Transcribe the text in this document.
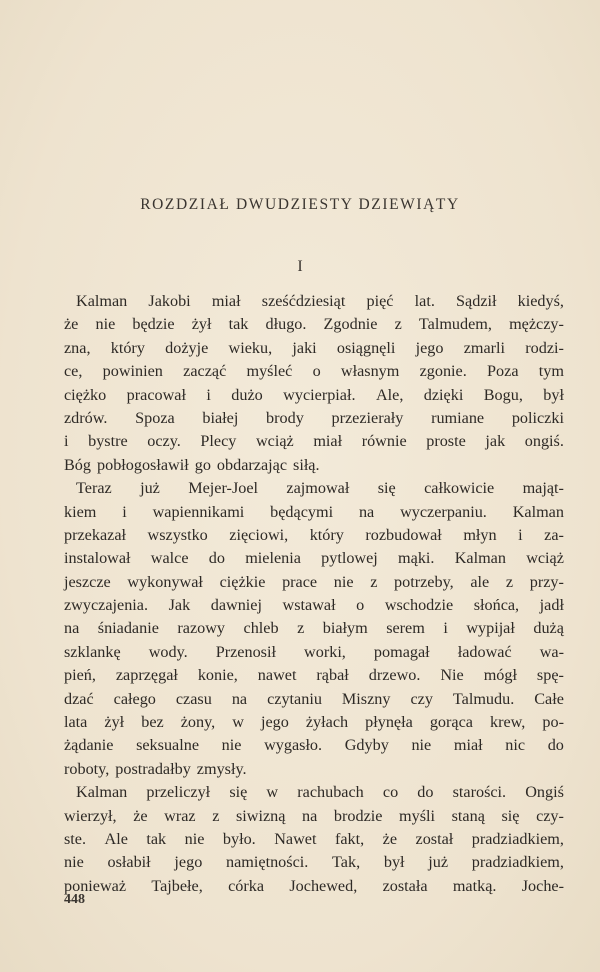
ROZDZIAŁ DWUDZIESTY DZIEWIĄTY
I
Kalman Jakobi miał sześćdziesiąt pięć lat. Sądził kiedyś,
że nie będzie żył tak długo. Zgodnie z Talmudem, mężczy-
zna, który dożyje wieku, jaki osiągnęli jego zmarli rodzi-
ce, powinien zacząć myśleć o własnym zgonie. Poza tym
ciężko pracował i dużo wycierpiał. Ale, dzięki Bogu, był
zdrów. Spoza białej brody przezierały rumiane policzki
i bystre oczy. Plecy wciąż miał równie proste jak ongiś.
Bóg pobłogosławił go obdarzając siłą.
Teraz już Mejer-Joel zajmował się całkowicie mająt-
kiem i wapiennikami będącymi na wyczerpaniu. Kalman
przekazał wszystko zięciowi, który rozbudował młyn i za-
instalował walce do mielenia pytlowej mąki. Kalman wciąż
jeszcze wykonywał ciężkie prace nie z potrzeby, ale z przy-
zwyczajenia. Jak dawniej wstawał o wschodzie słońca, jadł
na śniadanie razowy chleb z białym serem i wypijał dużą
szklankę wody. Przenosił worki, pomagał ładować wa-
pień, zaprzęgał konie, nawet rąbał drzewo. Nie mógł spę-
dzać całego czasu na czytaniu Miszny czy Talmudu. Całe
lata żył bez żony, w jego żyłach płynęła gorąca krew, po-
żądanie seksualne nie wygasło. Gdyby nie miał nic do
roboty, postradałby zmysły.
Kalman przeliczył się w rachubach co do starości. Ongiś
wierzył, że wraz z siwizną na brodzie myśli staną się czy-
ste. Ale tak nie było. Nawet fakt, że został pradziadkiem,
nie osłabił jego namiętności. Tak, był już pradziadkiem,
ponieważ Tajbełe, córka Jochewed, została matką. Joche-
448
